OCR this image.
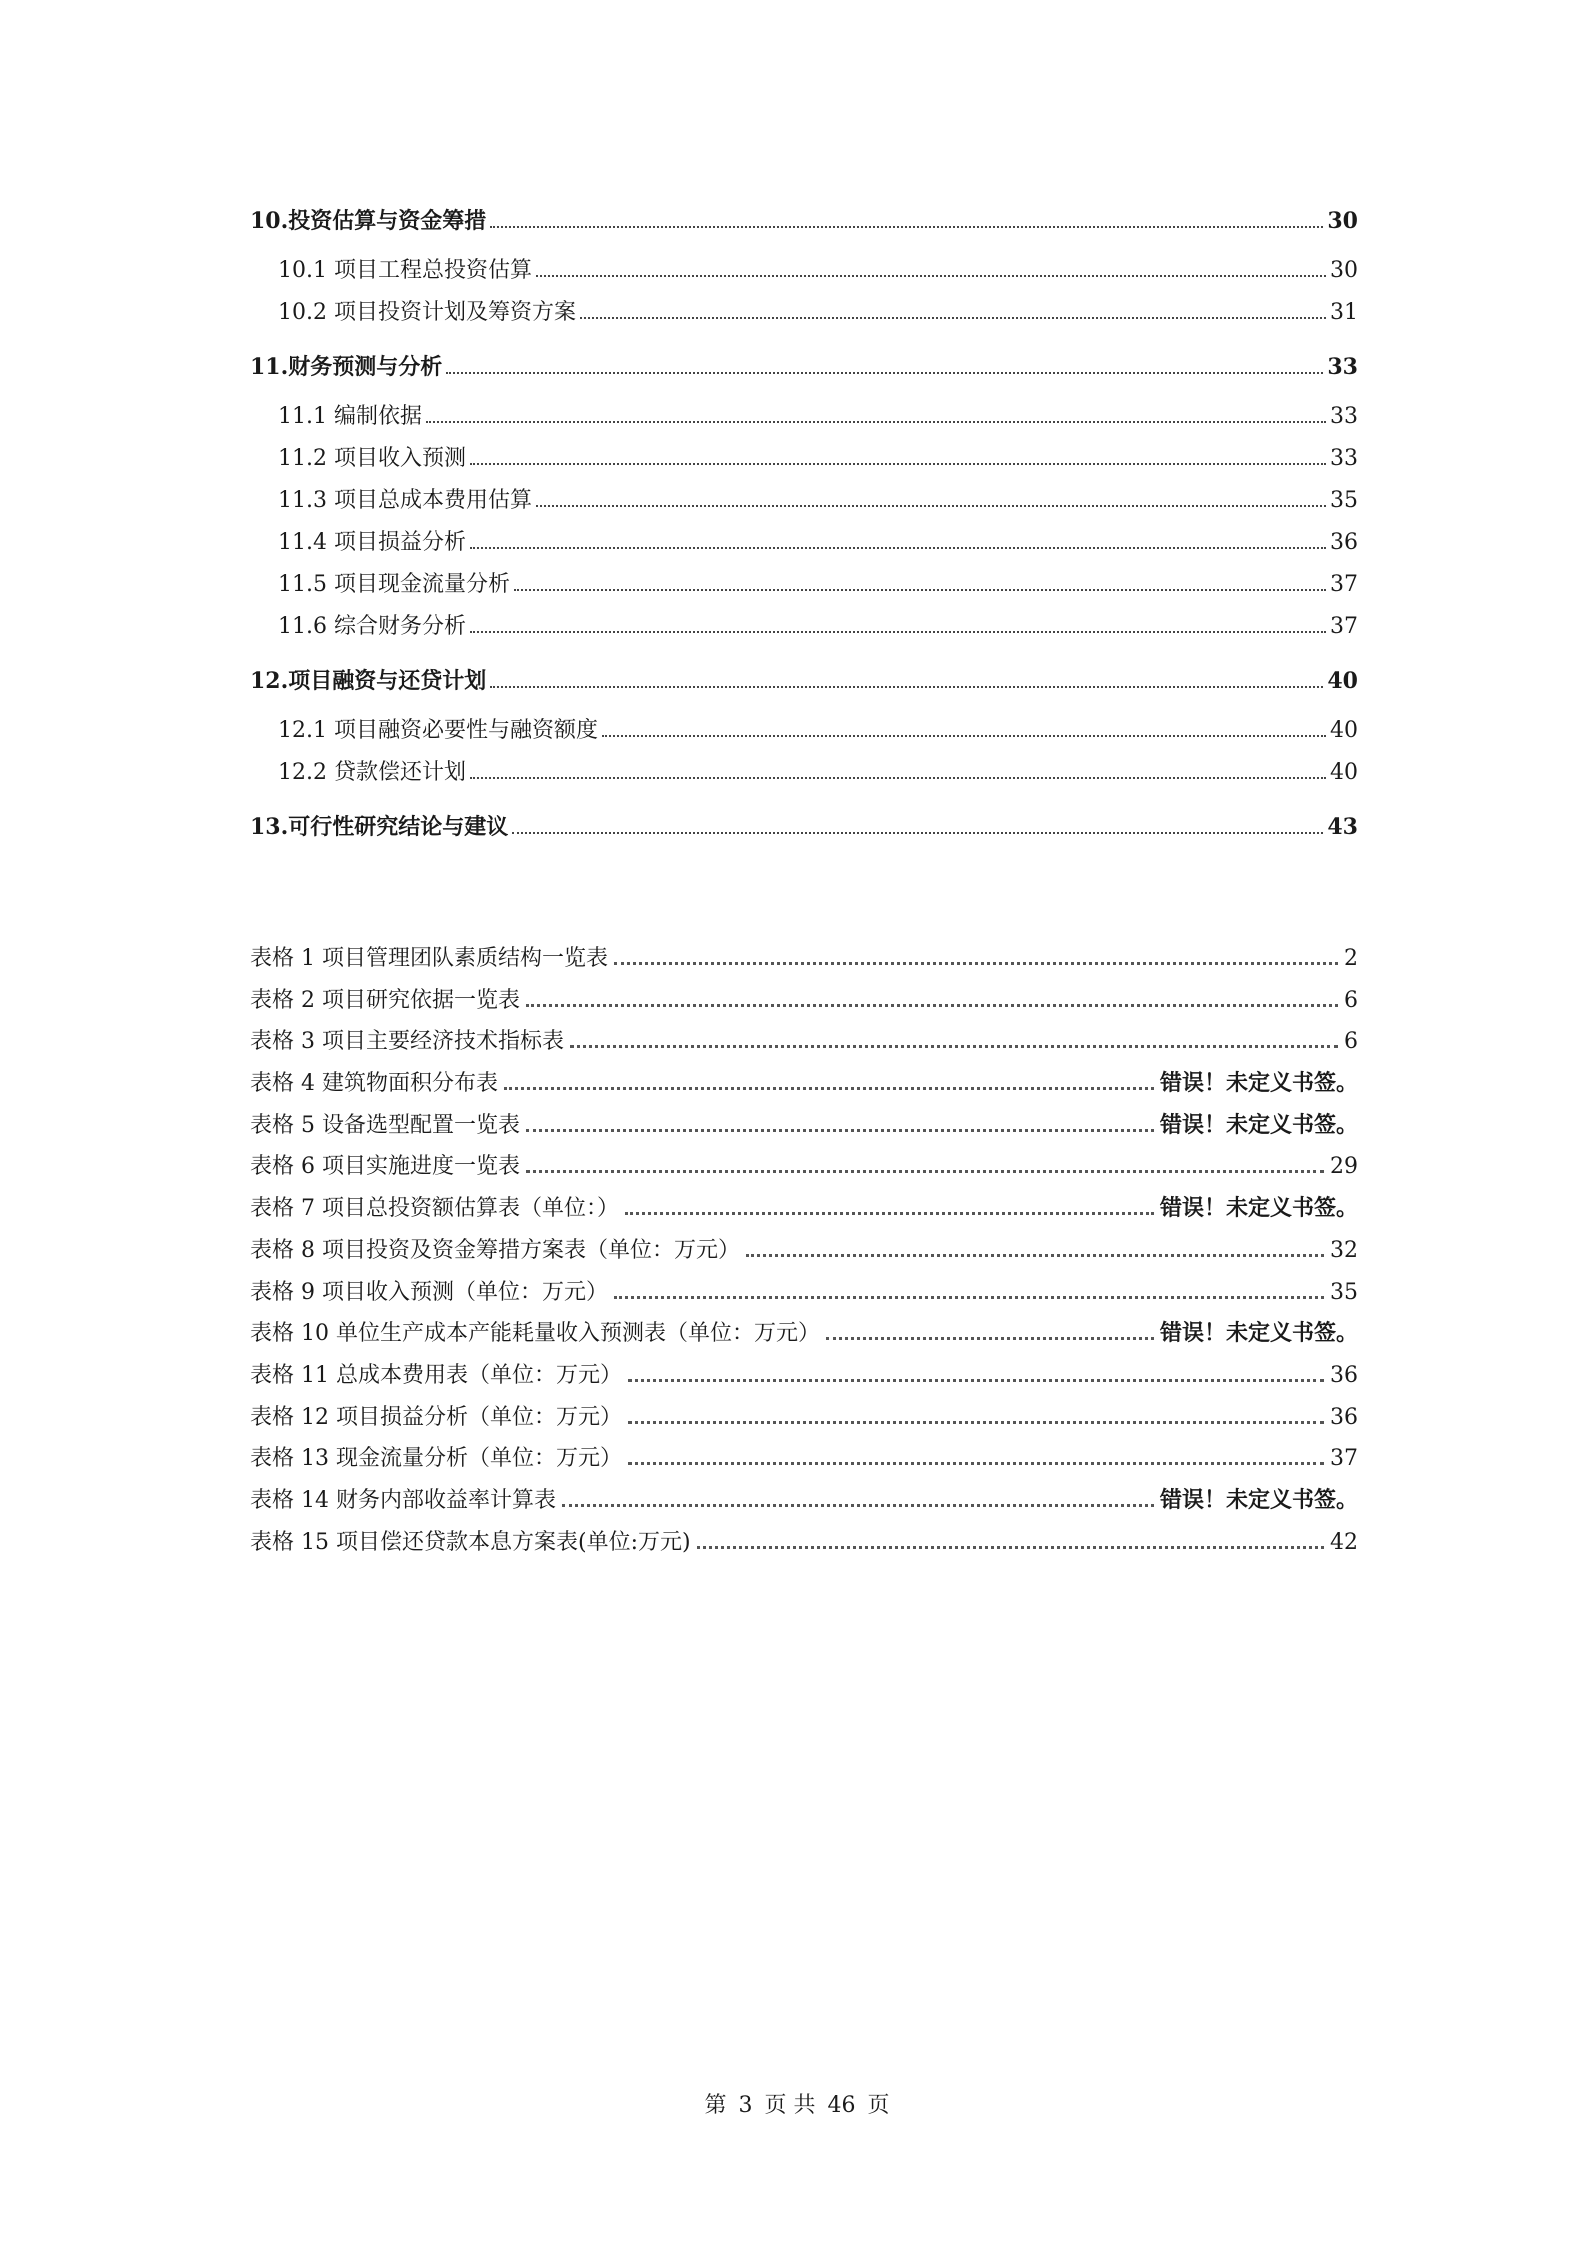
10.投资估算与资金筹措	30
10.1 项目工程总投资估算	30
10.2 项目投资计划及筹资方案	31
11.财务预测与分析	33
11.1 编制依据	33
11.2 项目收入预测	33
11.3 项目总成本费用估算	35
11.4 项目损益分析	36
11.5 项目现金流量分析	37
11.6 综合财务分析	37
12.项目融资与还贷计划	40
12.1 项目融资必要性与融资额度	40
12.2 贷款偿还计划	40
13.可行性研究结论与建议	43
表格 1 项目管理团队素质结构一览表	2
表格 2 项目研究依据一览表	6
表格 3 项目主要经济技术指标表	6
表格 4 建筑物面积分布表	错误！未定义书签。
表格 5 设备选型配置一览表	错误！未定义书签。
表格 6 项目实施进度一览表	29
表格 7 项目总投资额估算表（单位：）	错误！未定义书签。
表格 8 项目投资及资金筹措方案表（单位：万元）	32
表格 9 项目收入预测（单位：万元）	35
表格 10 单位生产成本产能耗量收入预测表（单位：万元）	错误！未定义书签。
表格 11 总成本费用表（单位：万元）	36
表格 12 项目损益分析（单位：万元）	36
表格 13 现金流量分析（单位：万元）	37
表格 14 财务内部收益率计算表	错误！未定义书签。
表格 15 项目偿还贷款本息方案表(单位:万元)	42
第 3 页 共 46 页
